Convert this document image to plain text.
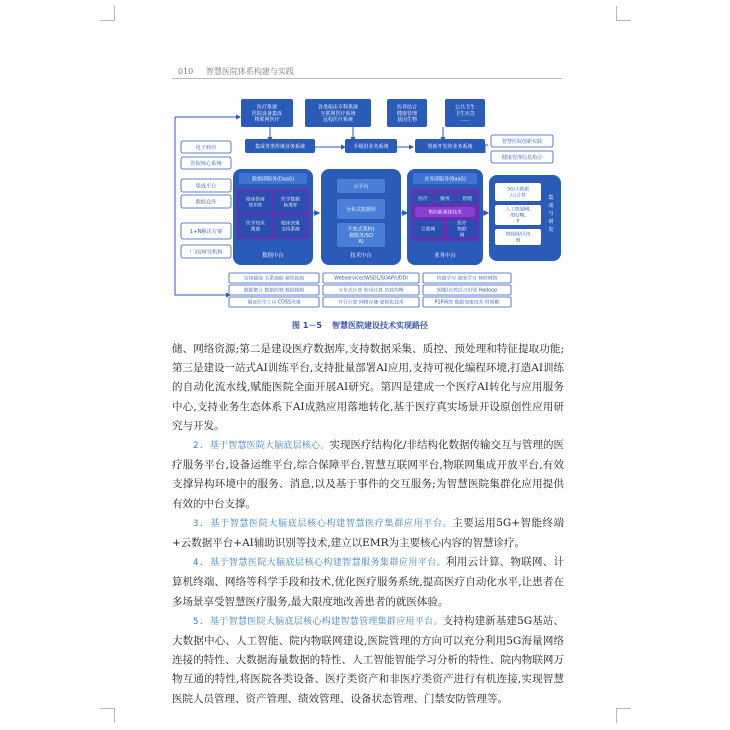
010 智慧医院体系构建与实践
医疗系统
医院设备集成
物联网医疗
各类临床专科系统
互联网医疗系统
远程医疗系统
医养结合
健康管理
基因生物
公共卫生
卫生应急
……
集成各类传统业务系统	升级旧业务系统	创新开发的业务系统
电子病历
医院核心系统
集成平台
数据仓库
1+N解决方案
厂商/研究机构
智慧医院创新实践
健康管理信息指引
数据即服务(DaaS)
临床指南
知识库
医学数据
标准库
医学知识
图谱
临床决策
支持系统
数据中台
云平台
分布式数据库
开放式架构(
微服务/SO
A)
技术中台
业务即服务(BaaS)
医疗	服务	管理
集约新基建技术
互联网
医疗
物联
网
业务中台
5G/大数据
/云计算
人工智能ML
/DL/NL
P
物联网/区块
链
集
成
与
研
发
实体抽取 关系抽取 属性抽取	Webservice//WSDL/SOAP/UDDI	机器学习 深度学习 神经网络
数据聚合 数据控制 数据模拟	分布式计算 软用计算 负载均衡	图像/自然语言识别 Hadoop
循证医学工具 CDSS决策	并行计算 网格存储 虚拟化技术	P2P网络 数据加密技术 时间戳
图 1－5 智慧医院建设技术实现路径

储、网络资源;第二是建设医疗数据库,支持数据采集、质控、预处理和特征提取功能;第三是建设一站式AI训练平台,支持批量部署AI应用,支持可视化编程环境,打造AI训练的自动化流水线,赋能医院全面开展AI研究。第四是建成一个医疗AI转化与应用服务中心,支持业务生态体系下AI成熟应用落地转化,基于医疗真实场景开设原创性应用研究与开发。

2. 基于智慧医院大脑底层核心。实现医疗结构化/非结构化数据传输交互与管理的医疗服务平台,设备运维平台,综合保障平台,智慧互联网平台,物联网集成开放平台,有效支撑异构环境中的服务、消息,以及基于事件的交互服务;为智慧医院集群化应用提供有效的中台支撑。

3. 基于智慧医院大脑底层核心构建智慧医疗集群应用平台。主要运用5G+智能终端+云数据平台+AI辅助识别等技术,建立以EMR为主要核心内容的智慧诊疗。

4. 基于智慧医院大脑底层核心构建智慧服务集群应用平台。利用云计算、物联网、计算机终端、网络等科学手段和技术,优化医疗服务系统,提高医疗自动化水平,让患者在多场景享受智慧医疗服务,最大限度地改善患者的就医体验。

5. 基于智慧医院大脑底层核心构建智慧管理集群应用平台。支持构建新基建5G基站、大数据中心、人工智能、院内物联网建设,医院管理的方向可以充分利用5G海量网络连接的特性、大数据海量数据的特性、人工智能智能学习分析的特性、院内物联网万物互通的特性,将医院各类设备、医疗类资产和非医疗类资产进行有机连接,实现智慧医院人员管理、资产管理、绩效管理、设备状态管理、门禁安防管理等。
